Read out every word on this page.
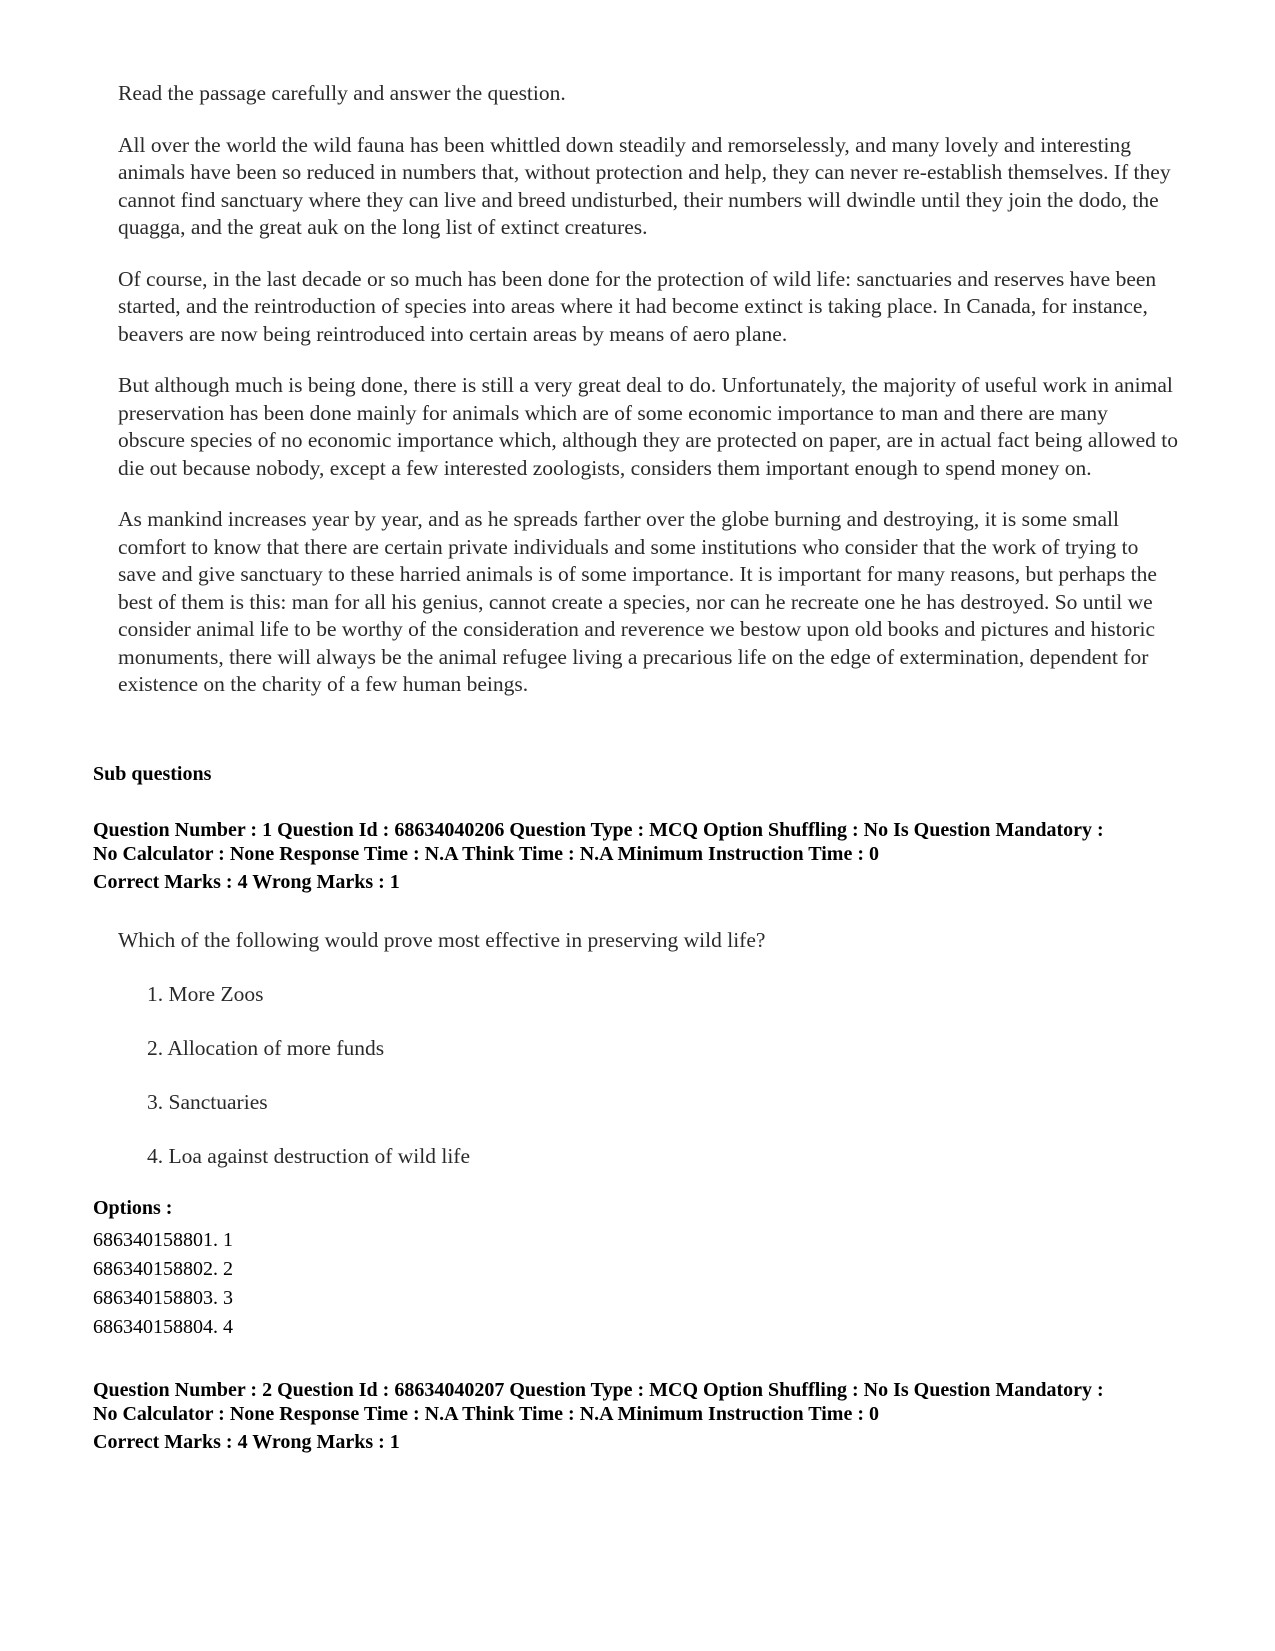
Read the passage carefully and answer the question.

All over the world the wild fauna has been whittled down steadily and remorselessly, and many lovely and interesting animals have been so reduced in numbers that, without protection and help, they can never re-establish themselves. If they cannot find sanctuary where they can live and breed undisturbed, their numbers will dwindle until they join the dodo, the quagga, and the great auk on the long list of extinct creatures.

Of course, in the last decade or so much has been done for the protection of wild life: sanctuaries and reserves have been started, and the reintroduction of species into areas where it had become extinct is taking place. In Canada, for instance, beavers are now being reintroduced into certain areas by means of aero plane.

But although much is being done, there is still a very great deal to do. Unfortunately, the majority of useful work in animal preservation has been done mainly for animals which are of some economic importance to man and there are many obscure species of no economic importance which, although they are protected on paper, are in actual fact being allowed to die out because nobody, except a few interested zoologists, considers them important enough to spend money on.

As mankind increases year by year, and as he spreads farther over the globe burning and destroying, it is some small comfort to know that there are certain private individuals and some institutions who consider that the work of trying to save and give sanctuary to these harried animals is of some importance. It is important for many reasons, but perhaps the best of them is this: man for all his genius, cannot create a species, nor can he recreate one he has destroyed. So until we consider animal life to be worthy of the consideration and reverence we bestow upon old books and pictures and historic monuments, there will always be the animal refugee living a precarious life on the edge of extermination, dependent for existence on the charity of a few human beings.

Sub questions
Question Number : 1 Question Id : 68634040206 Question Type : MCQ Option Shuffling : No Is Question Mandatory :
No Calculator : None Response Time : N.A Think Time : N.A Minimum Instruction Time : 0
Correct Marks : 4 Wrong Marks : 1
Which of the following would prove most effective in preserving wild life?
1. More Zoos
2. Allocation of more funds
3. Sanctuaries
4. Loa against destruction of wild life
Options :
686340158801. 1
686340158802. 2
686340158803. 3
686340158804. 4
Question Number : 2 Question Id : 68634040207 Question Type : MCQ Option Shuffling : No Is Question Mandatory :
No Calculator : None Response Time : N.A Think Time : N.A Minimum Instruction Time : 0
Correct Marks : 4 Wrong Marks : 1
